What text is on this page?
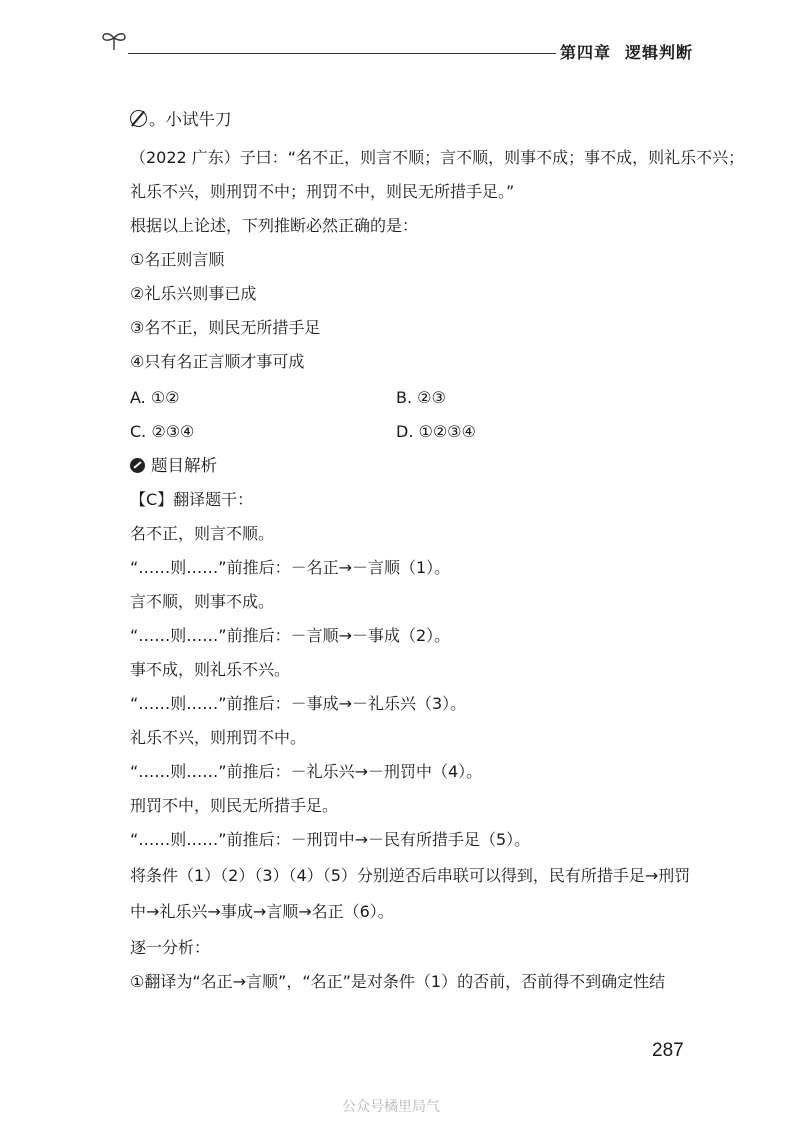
第四章 逻辑判断
。小试牛刀
（2022 广东）子曰：“名不正，则言不顺；言不顺，则事不成；事不成，则礼乐不兴；
礼乐不兴，则刑罚不中；刑罚不中，则民无所措手足。”
根据以上论述，下列推断必然正确的是：
①名正则言顺
②礼乐兴则事已成
③名不正，则民无所措手足
④只有名正言顺才事可成
A. ①②	B. ②③
C. ②③④	D. ①②③④
题目解析
【C】翻译题干：
名不正，则言不顺。
“……则……”前推后：－名正→－言顺（1）。
言不顺，则事不成。
“……则……”前推后：－言顺→－事成（2）。
事不成，则礼乐不兴。
“……则……”前推后：－事成→－礼乐兴（3）。
礼乐不兴，则刑罚不中。
“……则……”前推后：－礼乐兴→－刑罚中（4）。
刑罚不中，则民无所措手足。
“……则……”前推后：－刑罚中→－民有所措手足（5）。
将条件（1）（2）（3）（4）（5）分别逆否后串联可以得到，民有所措手足→刑罚
中→礼乐兴→事成→言顺→名正（6）。
逐一分析：
①翻译为“名正→言顺”，“名正”是对条件（1）的否前，否前得不到确定性结
287
公众号橘里局气
